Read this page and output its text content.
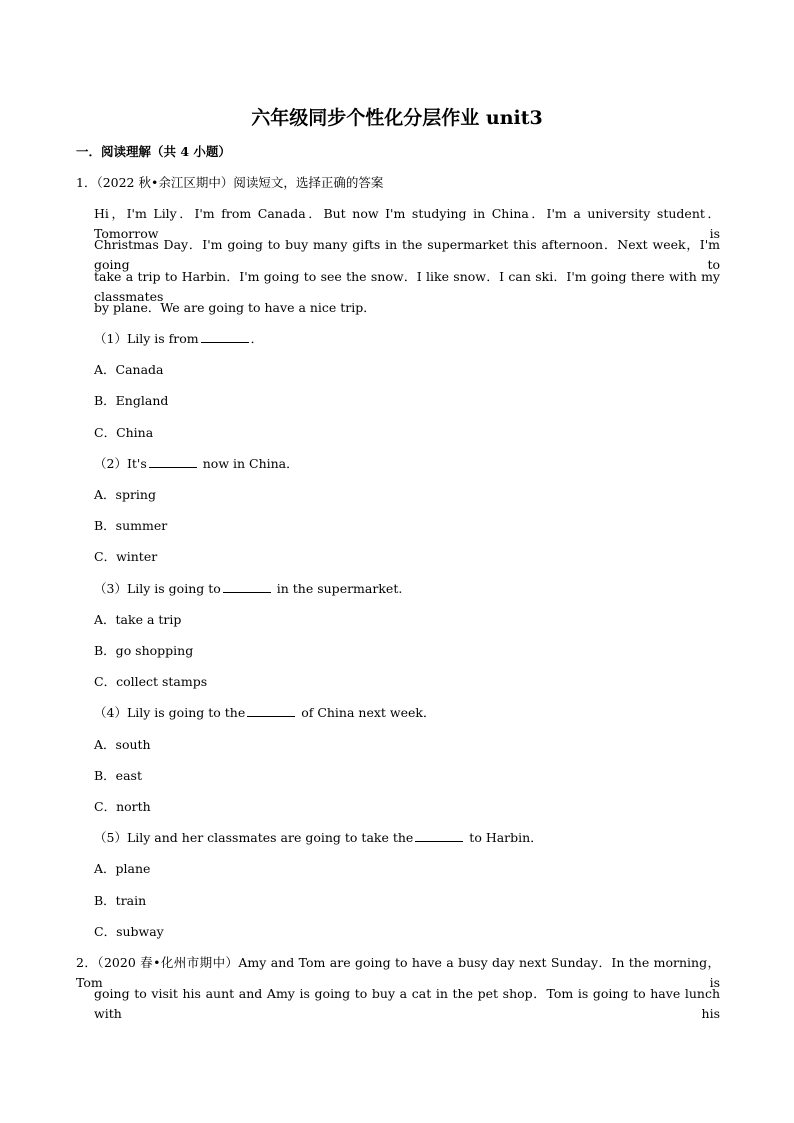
六年级同步个性化分层作业 unit3
一．阅读理解（共 4 小题）
1．（2022 秋•余江区期中）阅读短文，选择正确的答案
Hi，I'm Lily．I'm from Canada．But now I'm studying in China．I'm a university student．Tomorrow is
Christmas Day．I'm going to buy many gifts in the supermarket this afternoon．Next week，I'm going to
take a trip to Harbin．I'm going to see the snow．I like snow．I can ski．I'm going there with my classmates
by plane．We are going to have a nice trip．
（1）Lily is from	．
A．Canada
B．England
C．China
（2）It's	now in China．
A．spring
B．summer
C．winter
（3）Lily is going to	in the supermarket.
A．take a trip
B．go shopping
C．collect stamps
（4）Lily is going to the	of China next week．
A．south
B．east
C．north
（5）Lily and her classmates are going to take the	to Harbin．
A．plane
B．train
C．subway
2．（2020 春•化州市期中）Amy and Tom are going to have a busy day next Sunday．In the morning，Tom is
going to visit his aunt and Amy is going to buy a cat in the pet shop．Tom is going to have lunch with his
